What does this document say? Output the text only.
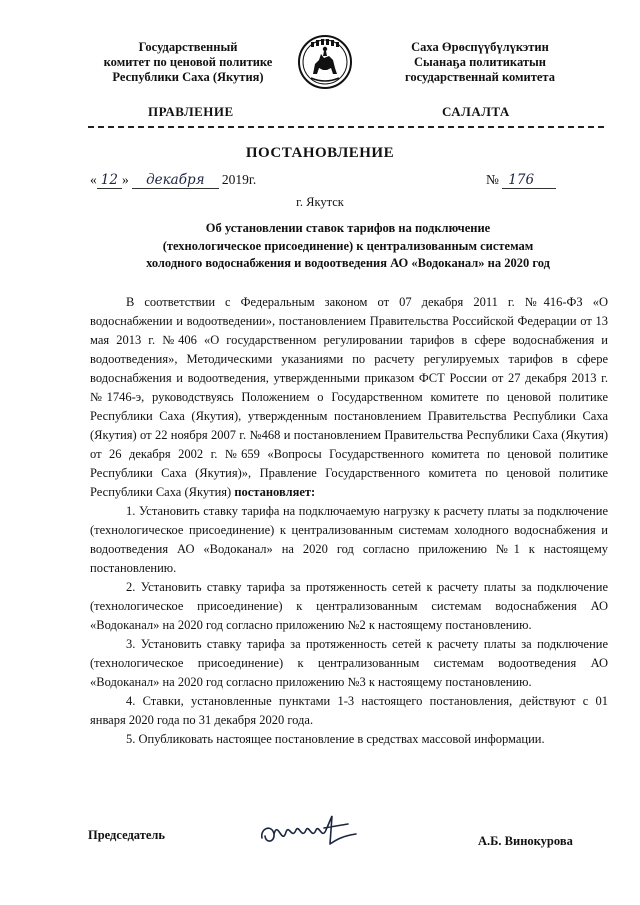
Государственный
комитет по ценовой политике
Республики Саха (Якутия)
Саха Өрөспүүбүлүкэтин
Сыанаҕа политикатын
государственнай комитета
ПРАВЛЕНИЕ	САЛАЛТА
ПОСТАНОВЛЕНИЕ
« 12 » декабря 2019г.	№ 176
г. Якутск
Об установлении ставок тарифов на подключение
(технологическое присоединение) к централизованным системам
холодного водоснабжения и водоотведения АО «Водоканал» на 2020 год

В соответствии с Федеральным законом от 07 декабря 2011 г. №416-ФЗ «О водоснабжении и водоотведении», постановлением Правительства Российской Федерации от 13 мая 2013 г. №406 «О государственном регулировании тарифов в сфере водоснабжения и водоотведения», Методическими указаниями по расчету регулируемых тарифов в сфере водоснабжения и водоотведения, утвержденными приказом ФСТ России от 27 декабря 2013 г. №1746-э, руководствуясь Положением о Государственном комитете по ценовой политике Республики Саха (Якутия), утвержденным постановлением Правительства Республики Саха (Якутия) от 22 ноября 2007 г. №468 и постановлением Правительства Республики Саха (Якутия) от 26 декабря 2002 г. №659 «Вопросы Государственного комитета по ценовой политике Республики Саха (Якутия)», Правление Государственного комитета по ценовой политике Республики Саха (Якутия) постановляет:

1. Установить ставку тарифа на подключаемую нагрузку к расчету платы за подключение (технологическое присоединение) к централизованным системам холодного водоснабжения и водоотведения АО «Водоканал» на 2020 год согласно приложению №1 к настоящему постановлению.

2. Установить ставку тарифа за протяженность сетей к расчету платы за подключение (технологическое присоединение) к централизованным системам водоснабжения АО «Водоканал» на 2020 год согласно приложению №2 к настоящему постановлению.

3. Установить ставку тарифа за протяженность сетей к расчету платы за подключение (технологическое присоединение) к централизованным системам водоотведения АО «Водоканал» на 2020 год согласно приложению №3 к настоящему постановлению.

4. Ставки, установленные пунктами 1-3 настоящего постановления, действуют с 01 января 2020 года по 31 декабря 2020 года.

5. Опубликовать настоящее постановление в средствах массовой информации.

Председатель	А.Б. Винокурова
